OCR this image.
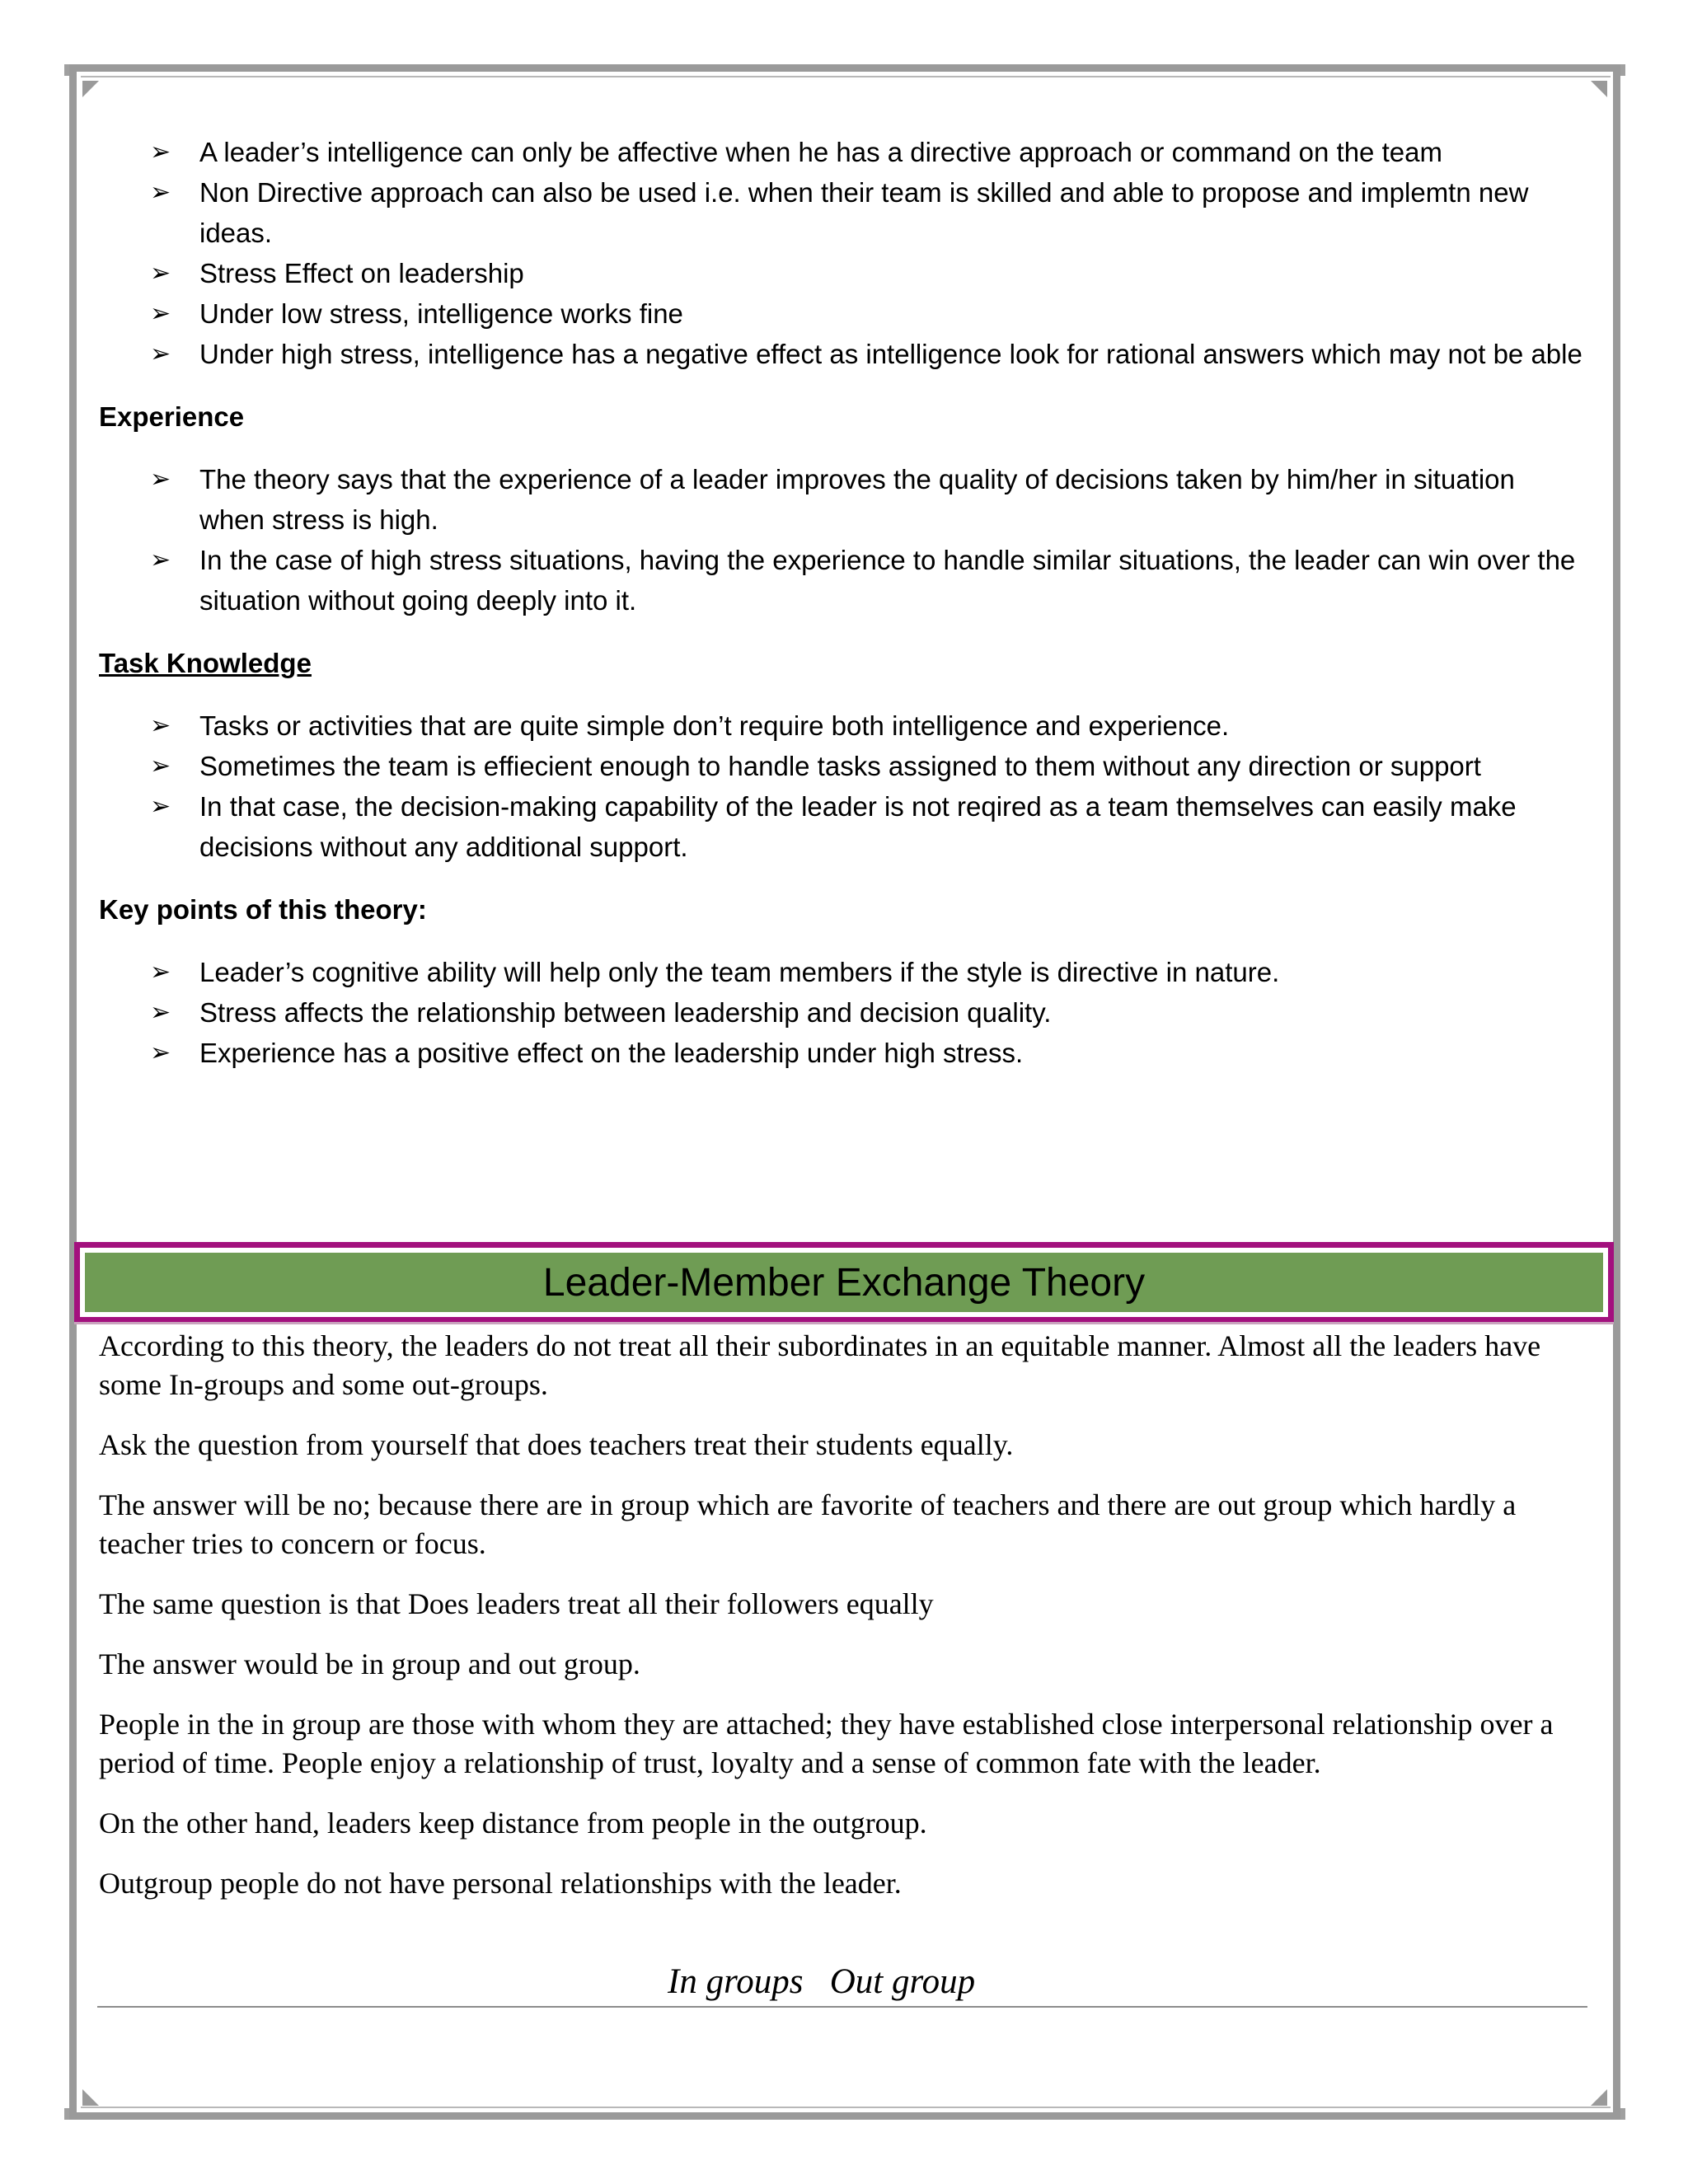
➢ A leader’s intelligence can only be affective when he has a directive approach or command on the team
➢ Non Directive approach can also be used i.e. when their team is skilled and able to propose and implemtn new ideas.
➢ Stress Effect on leadership
➢ Under low stress, intelligence works fine
➢ Under high stress, intelligence has a negative effect as intelligence look for rational answers which may not be able
Experience
➢ The theory says that the experience of a leader improves the quality of decisions taken by him/her in situation when stress is high.
➢ In the case of high stress situations, having the experience to handle similar situations, the leader can win over the situation without going deeply into it.
Task Knowledge
➢ Tasks or activities that are quite simple don’t require both intelligence and experience.
➢ Sometimes the team is effiecient enough to handle tasks assigned to them without any direction or support
➢ In that case, the decision-making capability of the leader is not reqired as a team themselves can easily make decisions without any additional support.
Key points of this theory:
➢ Leader’s cognitive ability will help only the team members if the style is directive in nature.
➢ Stress affects the relationship between leadership and decision quality.
➢ Experience has a positive effect on the leadership under high stress.
Leader-Member Exchange Theory

According to this theory, the leaders do not treat all their subordinates in an equitable manner. Almost all the leaders have some In-groups and some out-groups.

Ask the question from yourself that does teachers treat their students equally.

The answer will be no; because there are in group which are favorite of teachers and there are out group which hardly a teacher tries to concern or focus.

The same question is that Does leaders treat all their followers equally

The answer would be in group and out group.

People in the in group are those with whom they are attached; they have established close interpersonal relationship over a period of time. People enjoy a relationship of trust, loyalty and a sense of common fate with the leader.

On the other hand, leaders keep distance from people in the outgroup.

Outgroup people do not have personal relationships with the leader.

In groups Out group
